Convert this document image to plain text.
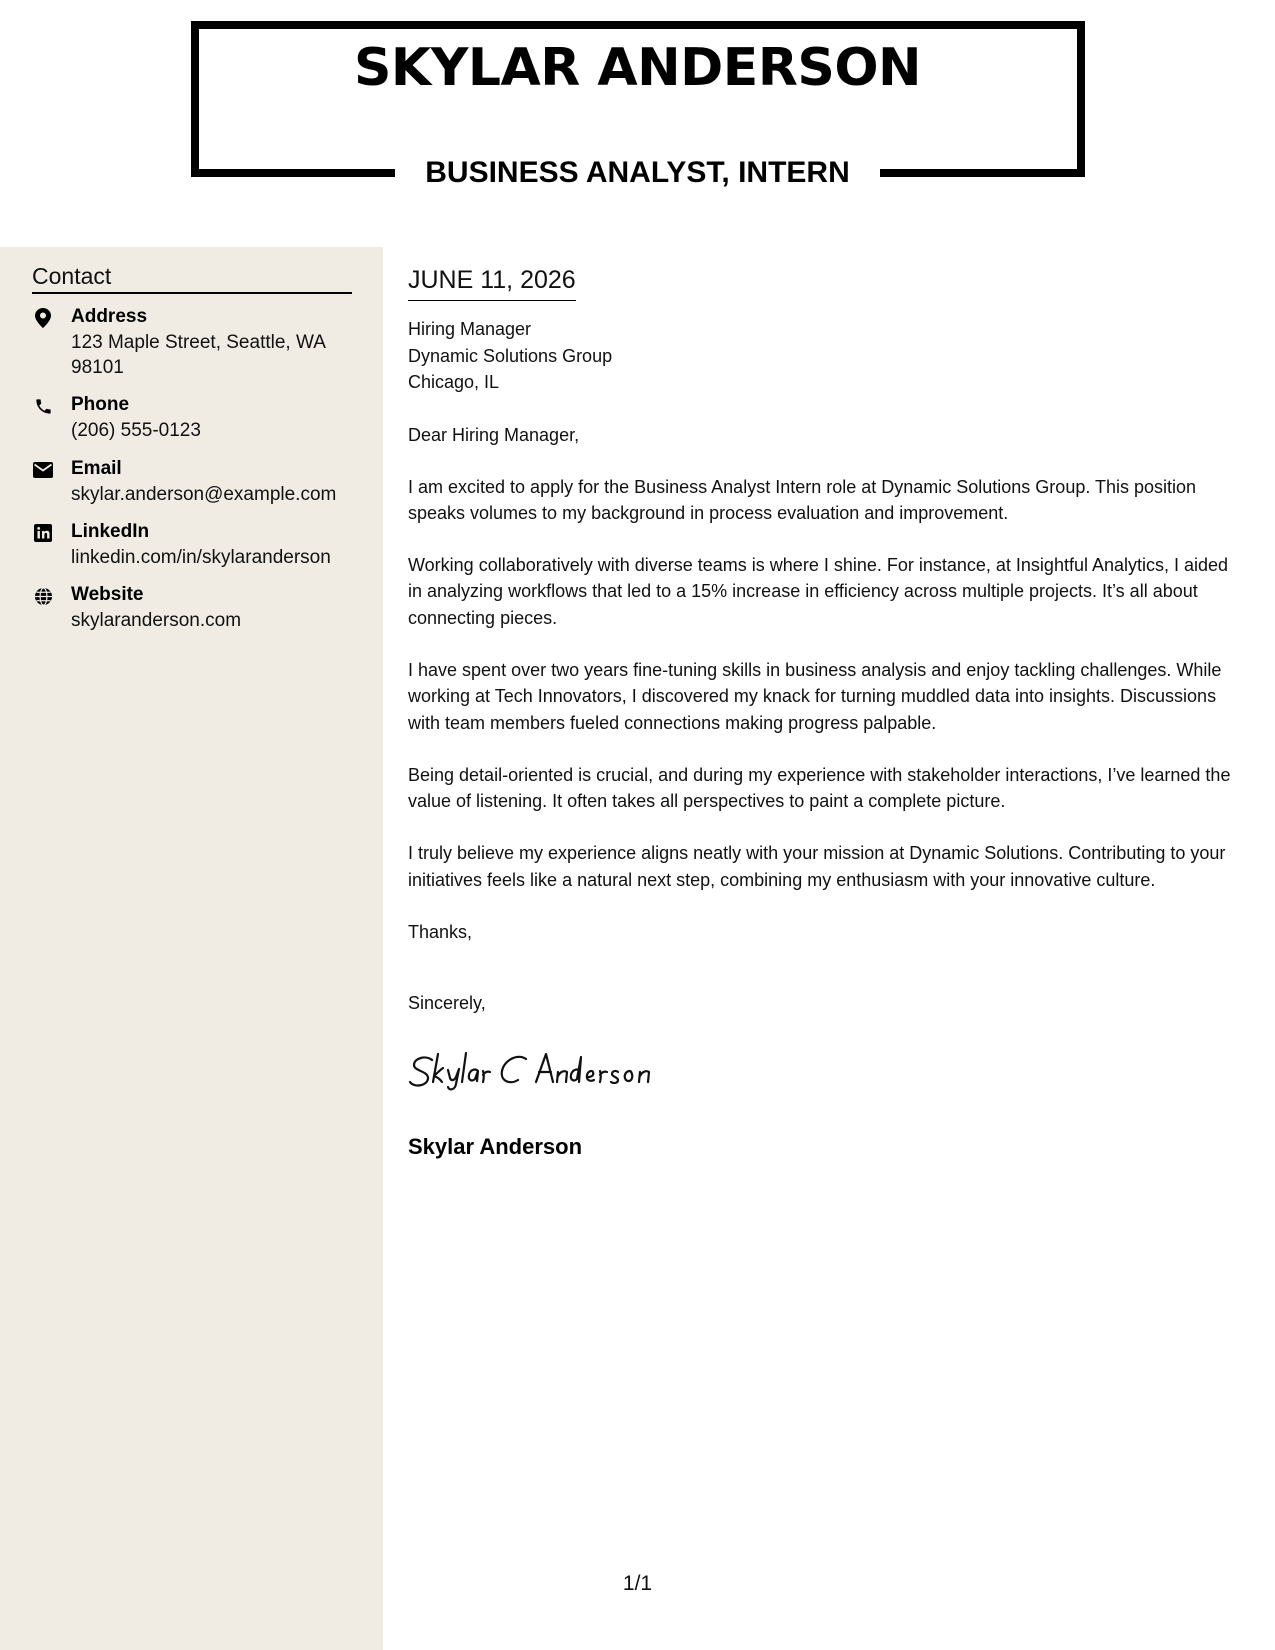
SKYLAR ANDERSON
BUSINESS ANALYST, INTERN
Contact
Address
123 Maple Street, Seattle, WA 98101
Phone
(206) 555-0123
Email
skylar.anderson@example.com
LinkedIn
linkedin.com/in/skylaranderson
Website
skylaranderson.com
JUNE 11, 2026
Hiring Manager
Dynamic Solutions Group
Chicago, IL
Dear Hiring Manager,

I am excited to apply for the Business Analyst Intern role at Dynamic Solutions Group. This position speaks volumes to my background in process evaluation and improvement.

Working collaboratively with diverse teams is where I shine. For instance, at Insightful Analytics, I aided in analyzing workflows that led to a 15% increase in efficiency across multiple projects. It’s all about connecting pieces.

I have spent over two years fine-tuning skills in business analysis and enjoy tackling challenges. While working at Tech Innovators, I discovered my knack for turning muddled data into insights. Discussions with team members fueled connections making progress palpable.

Being detail-oriented is crucial, and during my experience with stakeholder interactions, I’ve learned the value of listening. It often takes all perspectives to paint a complete picture.

I truly believe my experience aligns neatly with your mission at Dynamic Solutions. Contributing to your initiatives feels like a natural next step, combining my enthusiasm with your innovative culture.

Thanks,
Sincerely,
Skylar Anderson
1/1
